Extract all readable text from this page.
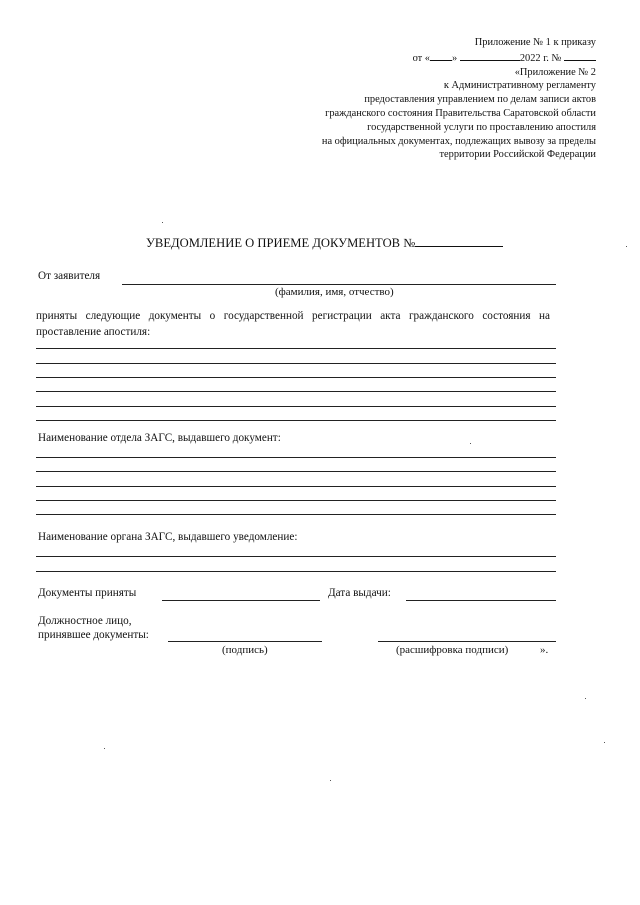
Приложение № 1 к приказу
от « »	2022 г. №
«Приложение № 2
к Административному регламенту
предоставления управлением по делам записи актов
гражданского состояния Правительства Саратовской области
государственной услуги по проставлению апостиля
на официальных документах, подлежащих вывозу за пределы
территории Российской Федерации
УВЕДОМЛЕНИЕ О ПРИЕМЕ ДОКУМЕНТОВ №
От заявителя
(фамилия, имя, отчество)
приняты следующие документы о государственной регистрации акта гражданского состояния на проставление апостиля:
Наименование отдела ЗАГС, выдавшего документ:
Наименование органа ЗАГС, выдавшего уведомление:
Документы приняты	Дата выдачи:
Должностное лицо,
принявшее документы:
(подпись)	(расшифровка подписи)	».
